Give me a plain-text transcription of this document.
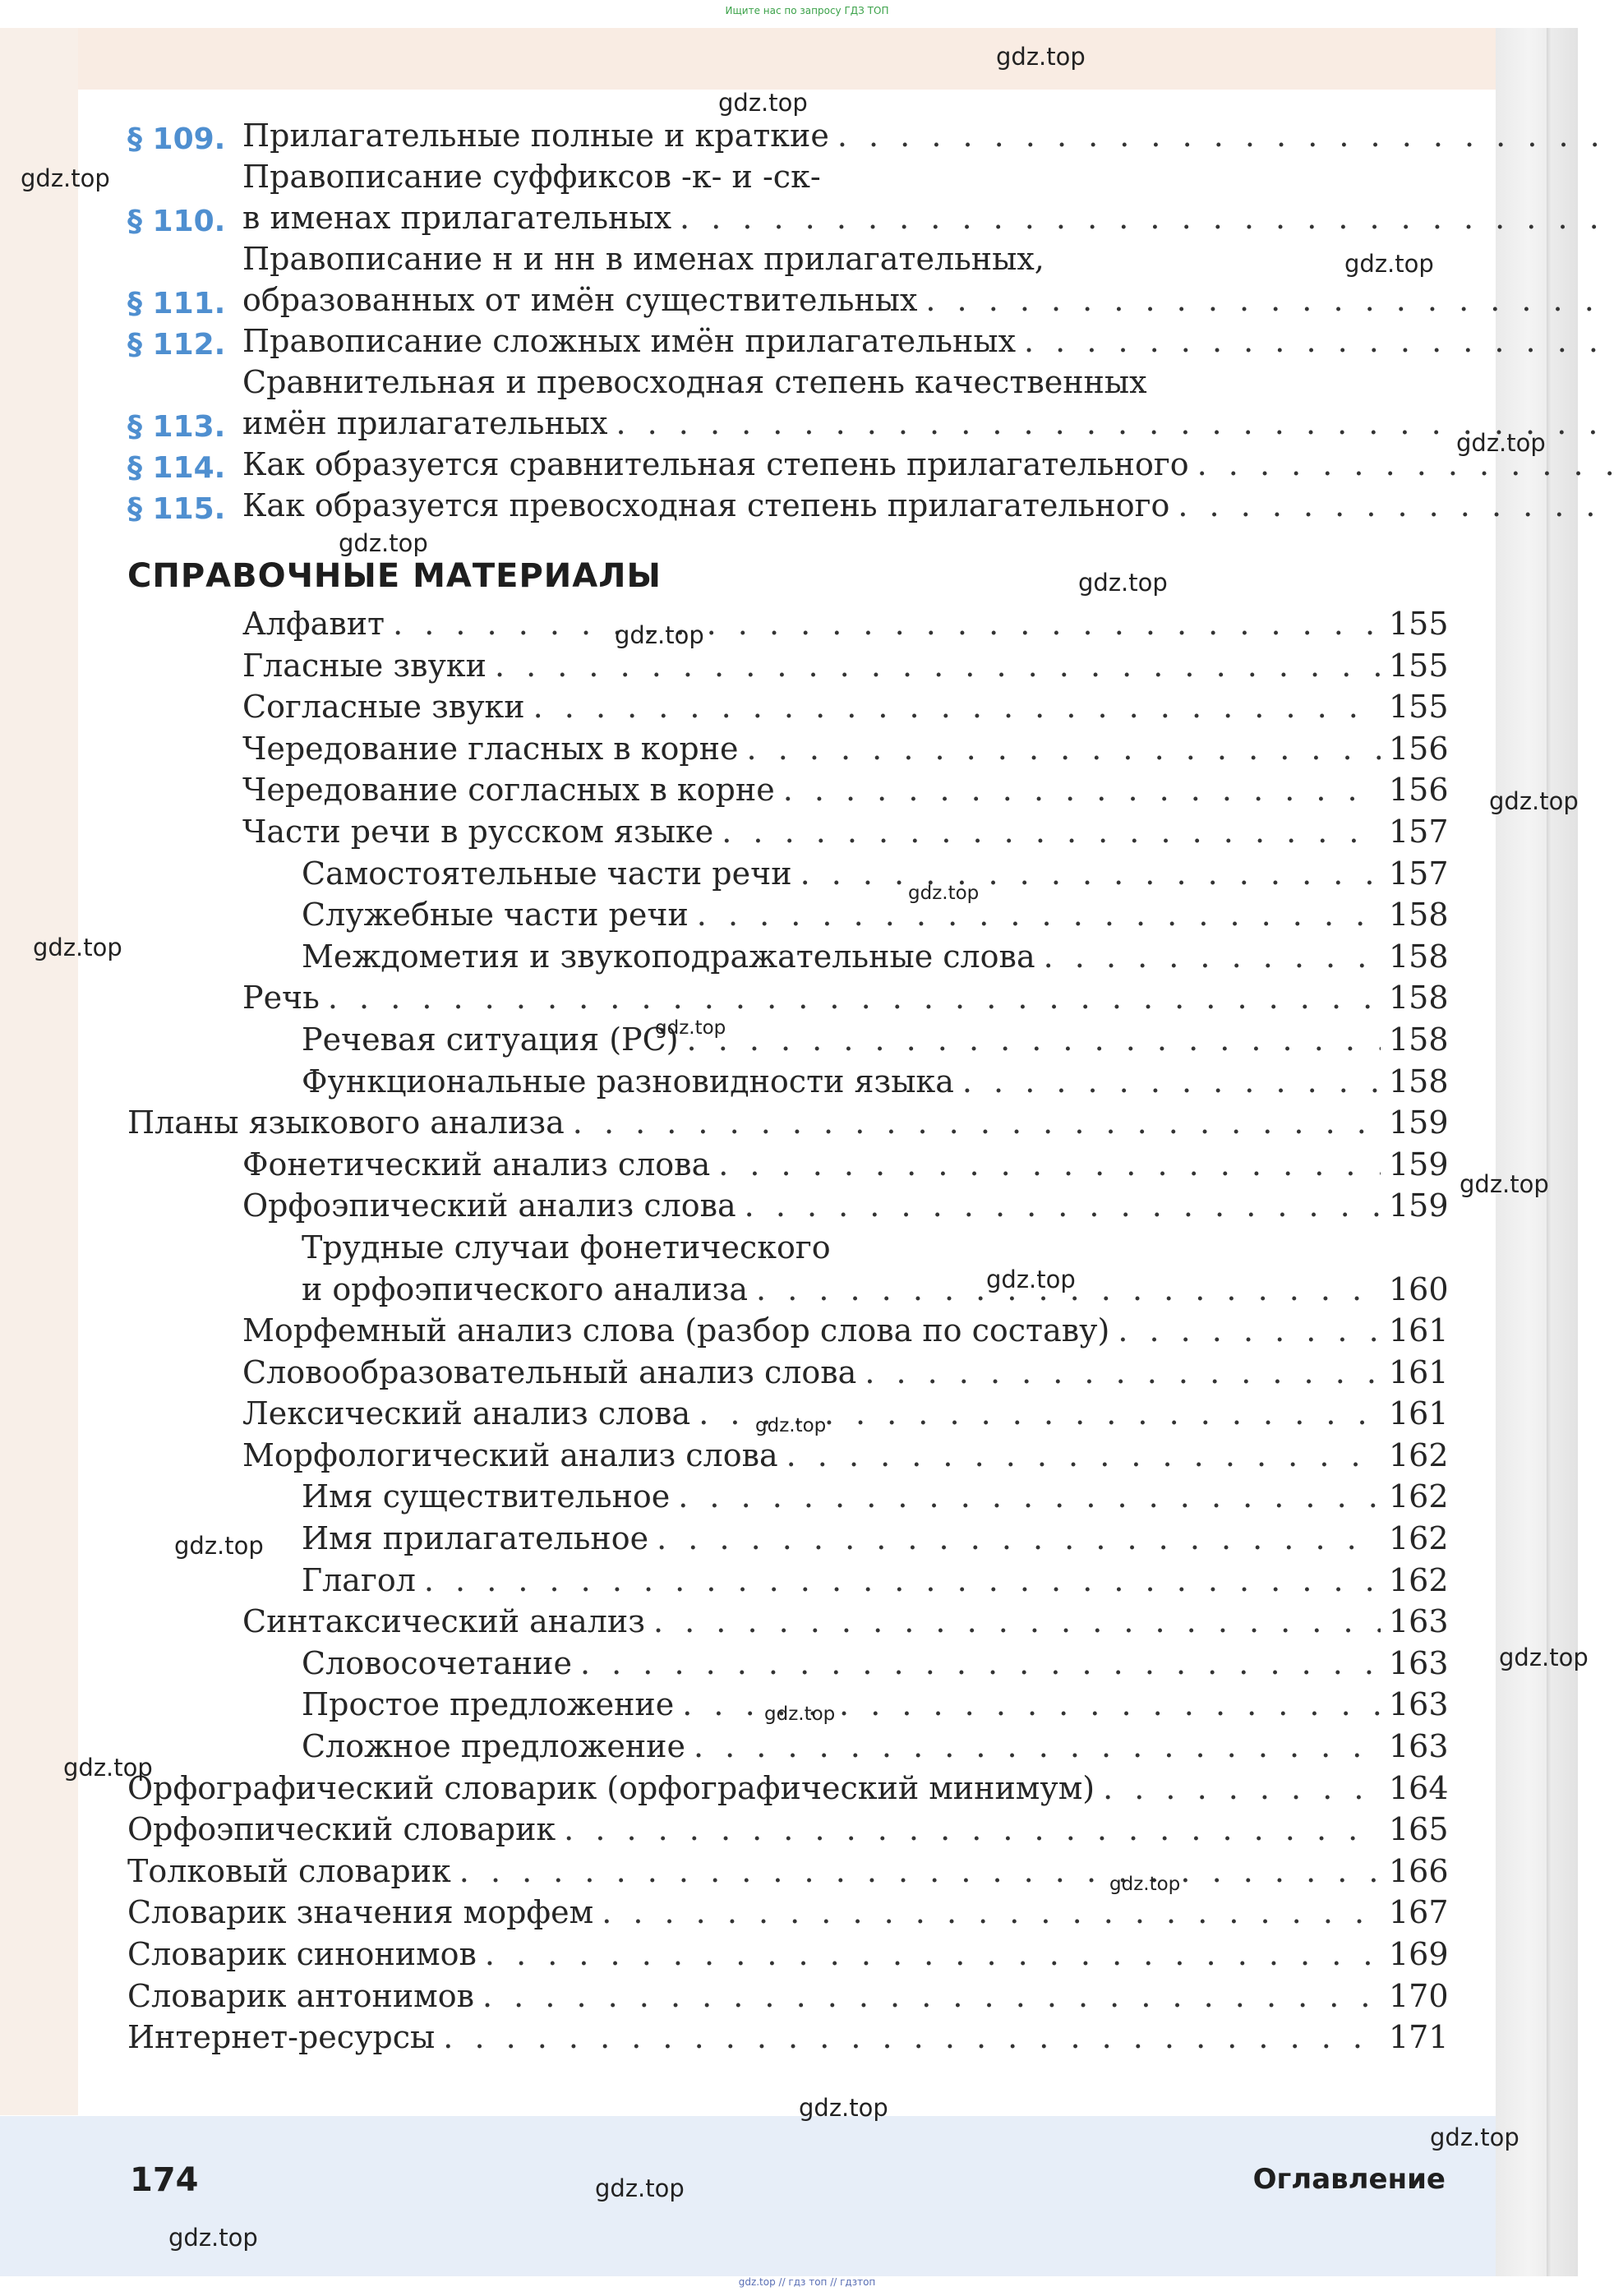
Ищите нас по запросу ГДЗ ТОП
§ 109. Прилагательные полные и краткие
. . .
§ 110.
Правописание суффиксов -к- и -ск-
в именах прилагательных
. . .
§ 111.
Правописание н и нн в именах прилагательных,
образованных от имён существительных
. . .
§ 112. Правописание сложных имён прилагательных
. . .
§ 113.
Сравнительная и превосходная степень качественных
имён прилагательных
. . .
§ 114. Как образуется сравнительная степень прилагательного
. . .
§ 115. Как образуется превосходная степень прилагательного
. . .
СПРАВОЧНЫЕ МАТЕРИАЛЫ
Алфавит . . .	155
Гласные звуки . . .	155
Согласные звуки . . .	155
Чередование гласных в корне . . .	156
Чередование согласных в корне . . .	156
Части речи в русском языке . . .	157
Самостоятельные части речи . . .	157
Служебные части речи . . .	158
Междометия и звукоподражательные слова . . .	158
Речь . . .	158
Речевая ситуация (РС) . . .	158
Функциональные разновидности языка . . .	158
Планы языкового анализа . . .	159
Фонетический анализ слова . . .	159
Орфоэпический анализ слова . . .	159
Трудные случаи фонетического
и орфоэпического анализа . . .	160
Морфемный анализ слова (разбор слова по составу) . . .	161
Словообразовательный анализ слова . . .	161
Лексический анализ слова . . .	161
Морфологический анализ слова . . .	162
Имя существительное . . .	162
Имя прилагательное . . .	162
Глагол . . .	162
Синтаксический анализ . . .	163
Словосочетание . . .	163
Простое предложение . . .	163
Сложное предложение . . .	163
Орфографический словарик (орфографический минимум) . . .	164
Орфоэпический словарик . . .	165
Толковый словарик . . .	166
Словарик значения морфем . . .	167
Словарик синонимов . . .	169
Словарик антонимов . . .	170
Интернет-ресурсы . . .	171
174	Оглавление
gdz.top
gdz.top
gdz.top
gdz.top
gdz.top
gdz.top
gdz.top
gdz.top
gdz.top
gdz.top
gdz.top
gdz.top
gdz.top
gdz.top
gdz.top
gdz.top
gdz.top
gdz.top
gdz.top
gdz.top
gdz.top
gdz.top
gdz.top
gdz.top
gdz.top // гдз топ // гдзтоп
